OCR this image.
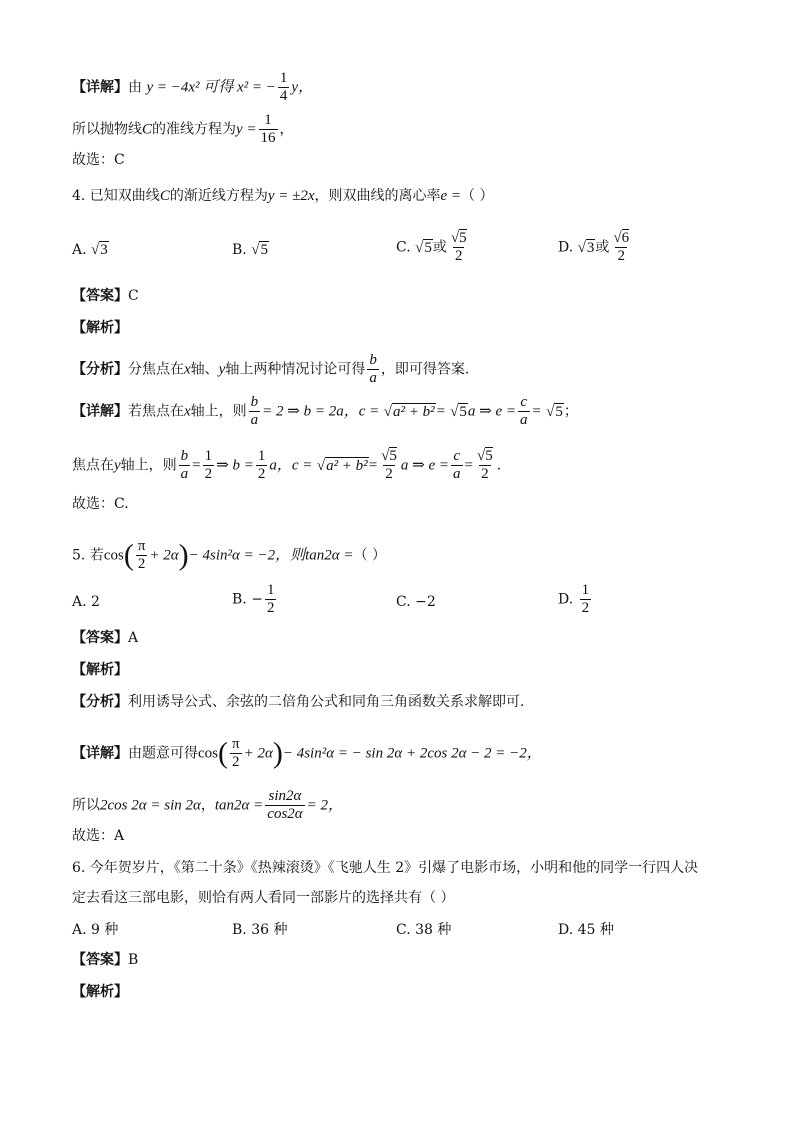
【详解】由 y = −4x² 可得 x² = − $\frac{1}{4}$ y，
所以抛物线C的准线方程为$y = \frac{1}{16}$ ，
故选：C
4. 已知双曲线C的渐近线方程为y = ±2x，则双曲线的离心率e =（ ）
A. √3	B. √5	C. √5或 $\frac{√5}{2}$	D. √3或 $\frac{√6}{2}$
【答案】C
【解析】
【分析】分焦点在x轴、y轴上两种情况讨论可得 $\frac{b}{a}$ ，即可得答案.
【详解】若焦点在x轴上，则 $\frac{b}{a} = 2$ ⇒ b = 2a，c = √a² + b²= √5a ⇒ $e = \frac{c}{a} = √5$；
焦点在y轴上，则 $\frac{b}{a} = \frac{1}{2}$ ⇒ $b = \frac{1}{2}$ a，$c = √a^2 + b^2= \frac{√5}{2}$ a ⇒ $e = \frac{c}{a} = \frac{√5}{2}$ .
故选：C.
5. 若$\cos( \frac{\pi}{2} + 2\alpha)- 4\sin^2\alpha = -2$，则tan2α =（ ）
A. 2	B. − $\frac{1}{2}$	C. −2	D. $\frac{1}{2}$
【答案】A
【解析】
【分析】利用诱导公式、余弦的二倍角公式和同角三角函数关系求解即可.
【详解】由题意可得$\cos( \frac{\pi}{2} + 2\alpha)- 4\sin^2\alpha$ = − sin 2α + 2cos 2α − 2 = −2，
所以2cos 2α = sin 2α，$\tan 2\alpha = \frac{\sin 2\alpha}{\cos 2\alpha} = 2$，
故选：A
6. 今年贺岁片，《第二十条》《热辣滚烫》《飞驰人生 2》引爆了电影市场，小明和他的同学一行四人决
定去看这三部电影，则恰有两人看同一部影片的选择共有（ ）
A. 9 种	B. 36 种	C. 38 种	D. 45 种
【答案】B
【解析】
